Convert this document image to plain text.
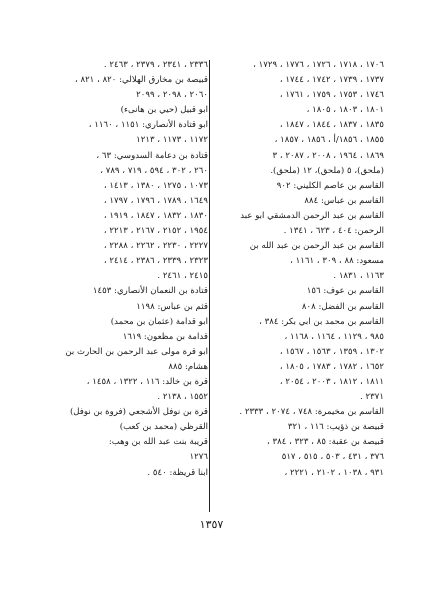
١٧٠٦ ، ١٧١٨ ، ١٧٢٦ ، ١٧٧٦ ، ١٧٢٩ ،
١٧٣٧ ، ١٧٣٩ ، ١٧٤٢ ، ١٧٤٤ ،
١٧٤٦ ، ١٧٥٣ ، ١٧٥٩ ، ١٧٦١ ،
١٨٠١ ، ١٨٠٣ ، ١٨٠٥ ،
١٨٣٥ ، ١٨٣٧ ، ١٨٤٤ ، ١٨٤٧ ،
١٨٥٥ ، ١٨٥٦/أ ، ١٨٥٦ ، ١٨٥٧ ،
١٨٦٩ ، ١٩٦٤ ، ٢٠٠٨ ، ٢٠٨٧ ، ٣
(ملحق)، ٥ (ملحق)، ١٢ (ملحق).
القاسم بن عاصم الكليني: ٩٠٢
القاسم بن عباس: ٨٨٤
القاسم بن عبد الرحمن الدمشقي ابو عبد
الرحمن: ٤٠٤ ، ٦٢٣ ، ١٣٤١ .
القاسم بن عبد الرحمن بن عبد الله بن
مسعود: ٨٨ ، ٣٠٩ ، ١١٦١ ،
١١٦٣ ، ١٨٣١ .
القاسم بن عوف: ١٥٦
القاسم بن الفضل: ٨٠٨
القاسم بن محمد بن ابي بكر: ٣٨٤ ،
٩٨٥ ، ١١٢٩ ، ١١٦٤ ، ١١٦٨ ،
١٣٠٢ ، ١٣٥٩ ، ١٥٦٣ ، ١٥٦٧ ،
١٦٥٢ ، ١٧٨٢ ، ١٧٨٣ ، ١٨٠٥ ،
١٨١١ ، ١٨١٢ ، ٢٠٠٣ ، ٢٠٥٤ ،
٢٣٧١ .
القاسم بن مخيمرة: ٧٤٨ ، ٢٠٧٤ ، ٢٣٣٣ .
قبيصة بن ذؤيب: ١١٦ ، ٣٢١
قبيصة بن عقبة: ٨٥ ، ٣٢٣ ، ٣٨٤ ،
٣٧٦ ، ٤٣١ ، ٥٠٣ ، ٥١٥ ، ٥١٧
٩٣١ ، ١٠٣٨ ، ٢١٠٢ ، ٢٢٢١ ،
٢٣٣٦ ، ٢٣٤١ ، ٢٣٧٩ ، ٢٤٦٣ .
قبيصة بن مخارق الهلالي: ٨٢٠ ، ٨٢١ ،
٢٠٦٠ ، ٢٠٩٨ ، ٢٠٩٩
ابو قبيل (حيي بن هانىء)
ابو قتادة الأنصاري: ١١٥١ ، ١١٦٠ ،
١١٧٢ ، ١١٧٣ ، ١٢١٣
قتادة بن دعامة السدوسي: ٦٣ ،
٢٦٠ ، ٣٠٢ ، ٥٩٤ ، ٧١٩ ، ٧٨٩ ،
١٠٧٣ ، ١٢٧٥ ، ١٣٨٠ ، ١٤١٣ ،
١٦٤٩ ، ١٧٨٩ ، ١٧٩٦ ، ١٧٩٧ ،
١٨٣٠ ، ١٨٣٢ ، ١٨٤٧ ، ١٩١٩ ،
١٩٥٤ ، ٢١٥٢ ، ٢١٦٧ ، ٢٢١٣ ،
٢٢٢٧ ، ٢٢٣٠ ، ٢٢٦٢ ، ٢٢٨٨ ،
٢٣٢٣ ، ٢٣٣٩ ، ٢٣٨٦ ، ٢٤١٤ ،
٢٤١٥ ، ٢٤٦١ .
قتادة بن النعمان الأنصاري: ١٤٥٣
قثم بن عباس: ١١٩٨
ابو قدامة (عثمان بن محمد)
قدامة بن مظعون: ١٦١٩
ابو قرة مولى عبد الرحمن بن الحارث بن
هشام: ٨٨٥
قرة بن خالد: ١١٦ ، ١٣٢٢ ، ١٤٥٨ ،
١٥٥٢ ، ٢١٣٨ .
قرة بن نوفل الأشجعي (فروة بن نوفل)
القرظي (محمد بن كعب)
قريبة بنت عبد الله بن وهب:
١٢٧٦
ابنا قريظة: ٥٤٠ .
١٣٥٧
